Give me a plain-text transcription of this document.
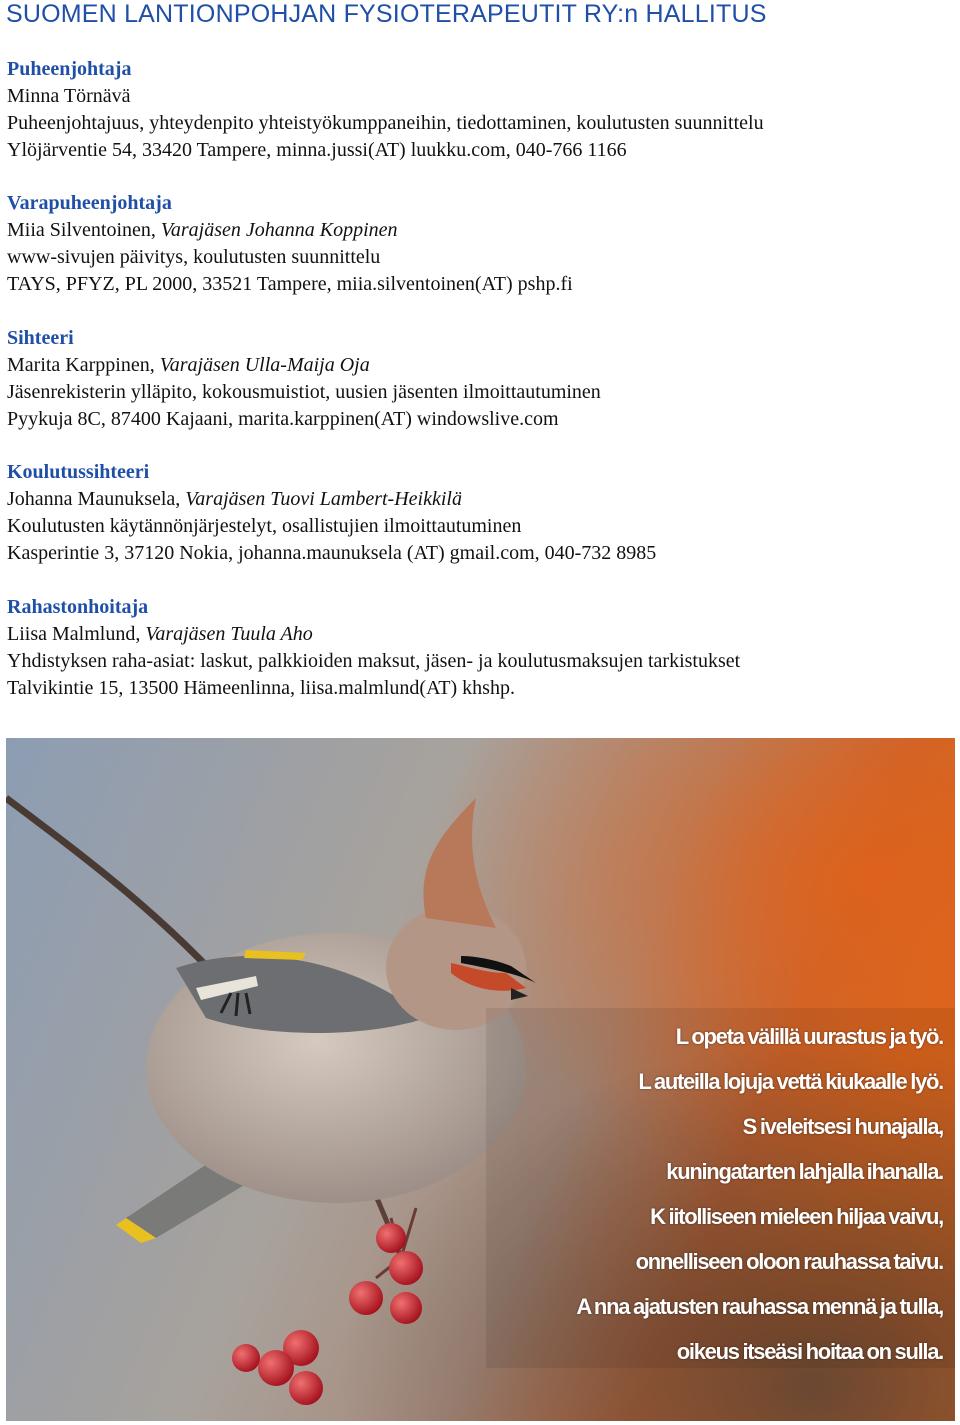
SUOMEN LANTIONPOHJAN FYSIOTERAPEUTIT RY:n HALLITUS
Puheenjohtaja
Minna Törnävä
Puheenjohtajuus, yhteydenpito yhteistyökumppaneihin, tiedottaminen, koulutusten suunnittelu
Ylöjärventie 54, 33420 Tampere, minna.jussi(AT) luukku.com, 040-766 1166
Varapuheenjohtaja
Miia Silventoinen, Varajäsen Johanna Koppinen
www-sivujen päivitys, koulutusten suunnittelu
TAYS, PFYZ, PL 2000, 33521 Tampere, miia.silventoinen(AT) pshp.fi
Sihteeri
Marita Karppinen, Varajäsen Ulla-Maija Oja
Jäsenrekisterin ylläpito, kokousmuistiot, uusien jäsenten ilmoittautuminen
Pyykuja 8C, 87400 Kajaani, marita.karppinen(AT) windowslive.com
Koulutussihteeri
Johanna Maunuksela, Varajäsen Tuovi Lambert-Heikkilä
Koulutusten käytännönjärjestelyt, osallistujien ilmoittautuminen
Kasperintie 3, 37120 Nokia, johanna.maunuksela (AT) gmail.com, 040-732 8985
Rahastonhoitaja
Liisa Malmlund, Varajäsen Tuula Aho
Yhdistyksen raha-asiat: laskut, palkkioiden maksut, jäsen- ja koulutusmaksujen tarkistukset
Talvikintie 15, 13500 Hämeenlinna, liisa.malmlund(AT) khshp.
L opeta välillä uurastus ja työ.
L auteilla lojuja vettä kiukaalle lyö.
S iveleitsesi hunajalla,
kuningatarten lahjalla ihanalla.
K iitolliseen mieleen hiljaa vaivu,
onnelliseen oloon rauhassa taivu.
A nna ajatusten rauhassa mennä ja tulla,
oikeus itseäsi hoitaa on sulla.
